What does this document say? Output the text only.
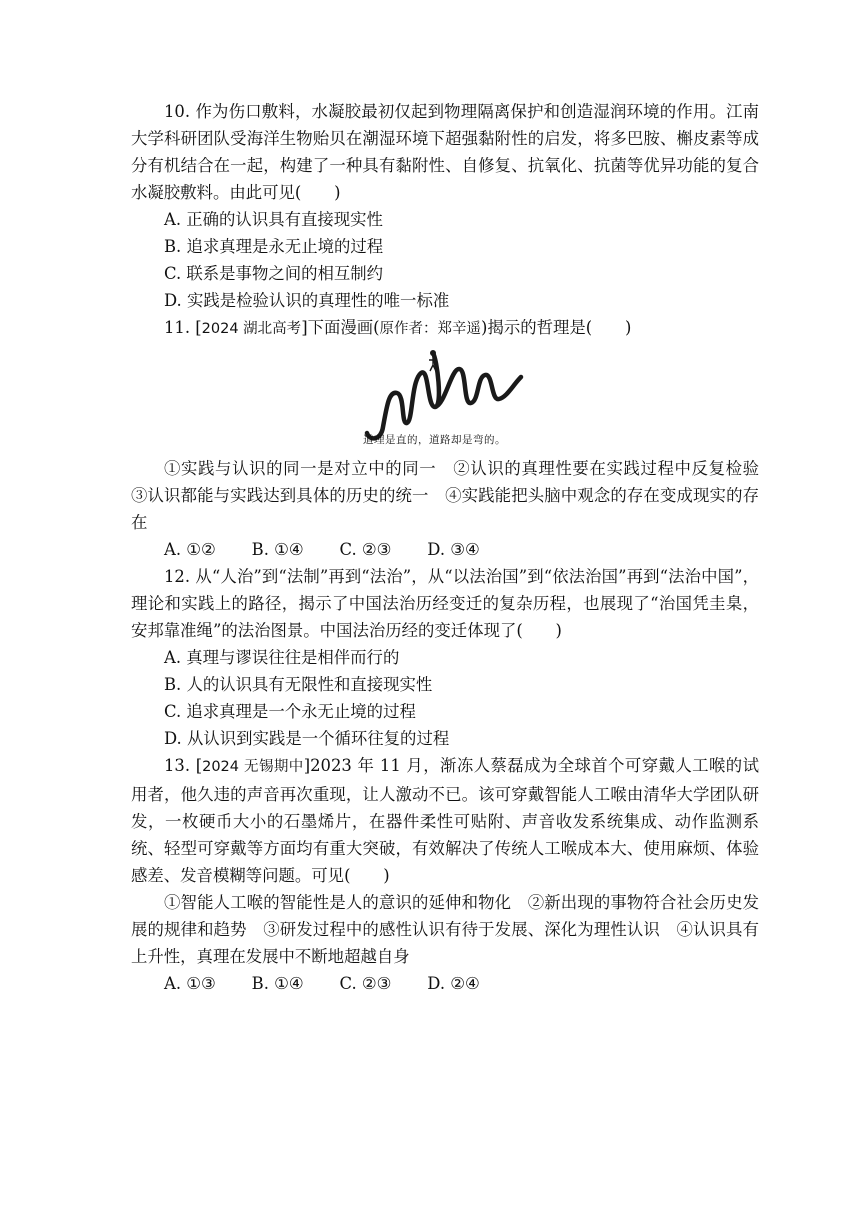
10. 作为伤口敷料，水凝胶最初仅起到物理隔离保护和创造湿润环境的作用。江南大学科研团队受海洋生物贻贝在潮湿环境下超强黏附性的启发，将多巴胺、槲皮素等成分有机结合在一起，构建了一种具有黏附性、自修复、抗氧化、抗菌等优异功能的复合水凝胶敷料。由此可见(　　)

A. 正确的认识具有直接现实性

B. 追求真理是永无止境的过程

C. 联系是事物之间的相互制约

D. 实践是检验认识的真理性的唯一标准

11. [2024 湖北高考]下面漫画(原作者：郑辛遥)揭示的哲理是(　　)

道理是直的，道路却是弯的。

①实践与认识的同一是对立中的同一　②认识的真理性要在实践过程中反复检验　③认识都能与实践达到具体的历史的统一　④实践能把头脑中观念的存在变成现实的存在

A. ①② B. ①④ C. ②③ D. ③④

12. 从“人治”到“法制”再到“法治”，从“以法治国”到“依法治国”再到“法治中国”，理论和实践上的路径，揭示了中国法治历经变迁的复杂历程，也展现了“治国凭圭臬，安邦靠准绳”的法治图景。中国法治历经的变迁体现了(　　)

A. 真理与谬误往往是相伴而行的

B. 人的认识具有无限性和直接现实性

C. 追求真理是一个永无止境的过程

D. 从认识到实践是一个循环往复的过程

13. [2024 无锡期中]2023 年 11 月，渐冻人蔡磊成为全球首个可穿戴人工喉的试用者，他久违的声音再次重现，让人激动不已。该可穿戴智能人工喉由清华大学团队研发，一枚硬币大小的石墨烯片，在器件柔性可贴附、声音收发系统集成、动作监测系统、轻型可穿戴等方面均有重大突破，有效解决了传统人工喉成本大、使用麻烦、体验感差、发音模糊等问题。可见(　　)

①智能人工喉的智能性是人的意识的延伸和物化　②新出现的事物符合社会历史发展的规律和趋势　③研发过程中的感性认识有待于发展、深化为理性认识　④认识具有上升性，真理在发展中不断地超越自身

A. ①③ B. ①④ C. ②③ D. ②④
